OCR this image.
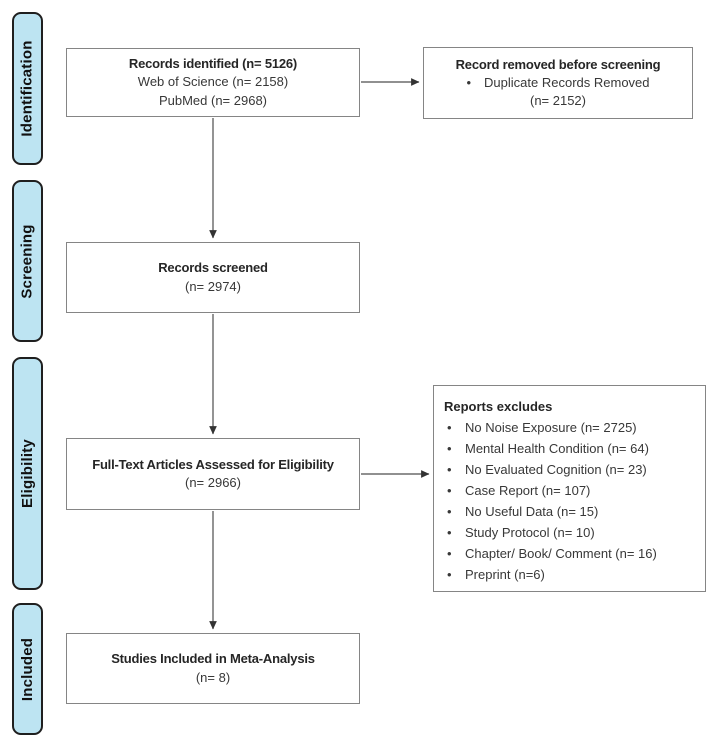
Identification
Screening
Eligibility
Included
Records identified (n= 5126)
Web of Science (n= 2158)
PubMed (n= 2968)
Record removed before screening
• Duplicate Records Removed
(n= 2152)
Records screened
(n= 2974)
Full-Text Articles Assessed for Eligibility
(n= 2966)
Reports excludes
• No Noise Exposure (n= 2725)
• Mental Health Condition (n= 64)
• No Evaluated Cognition (n= 23)
• Case Report (n= 107)
• No Useful Data (n= 15)
• Study Protocol (n= 10)
• Chapter/ Book/ Comment (n= 16)
• Preprint (n=6)
Studies Included in Meta-Analysis
(n= 8)
